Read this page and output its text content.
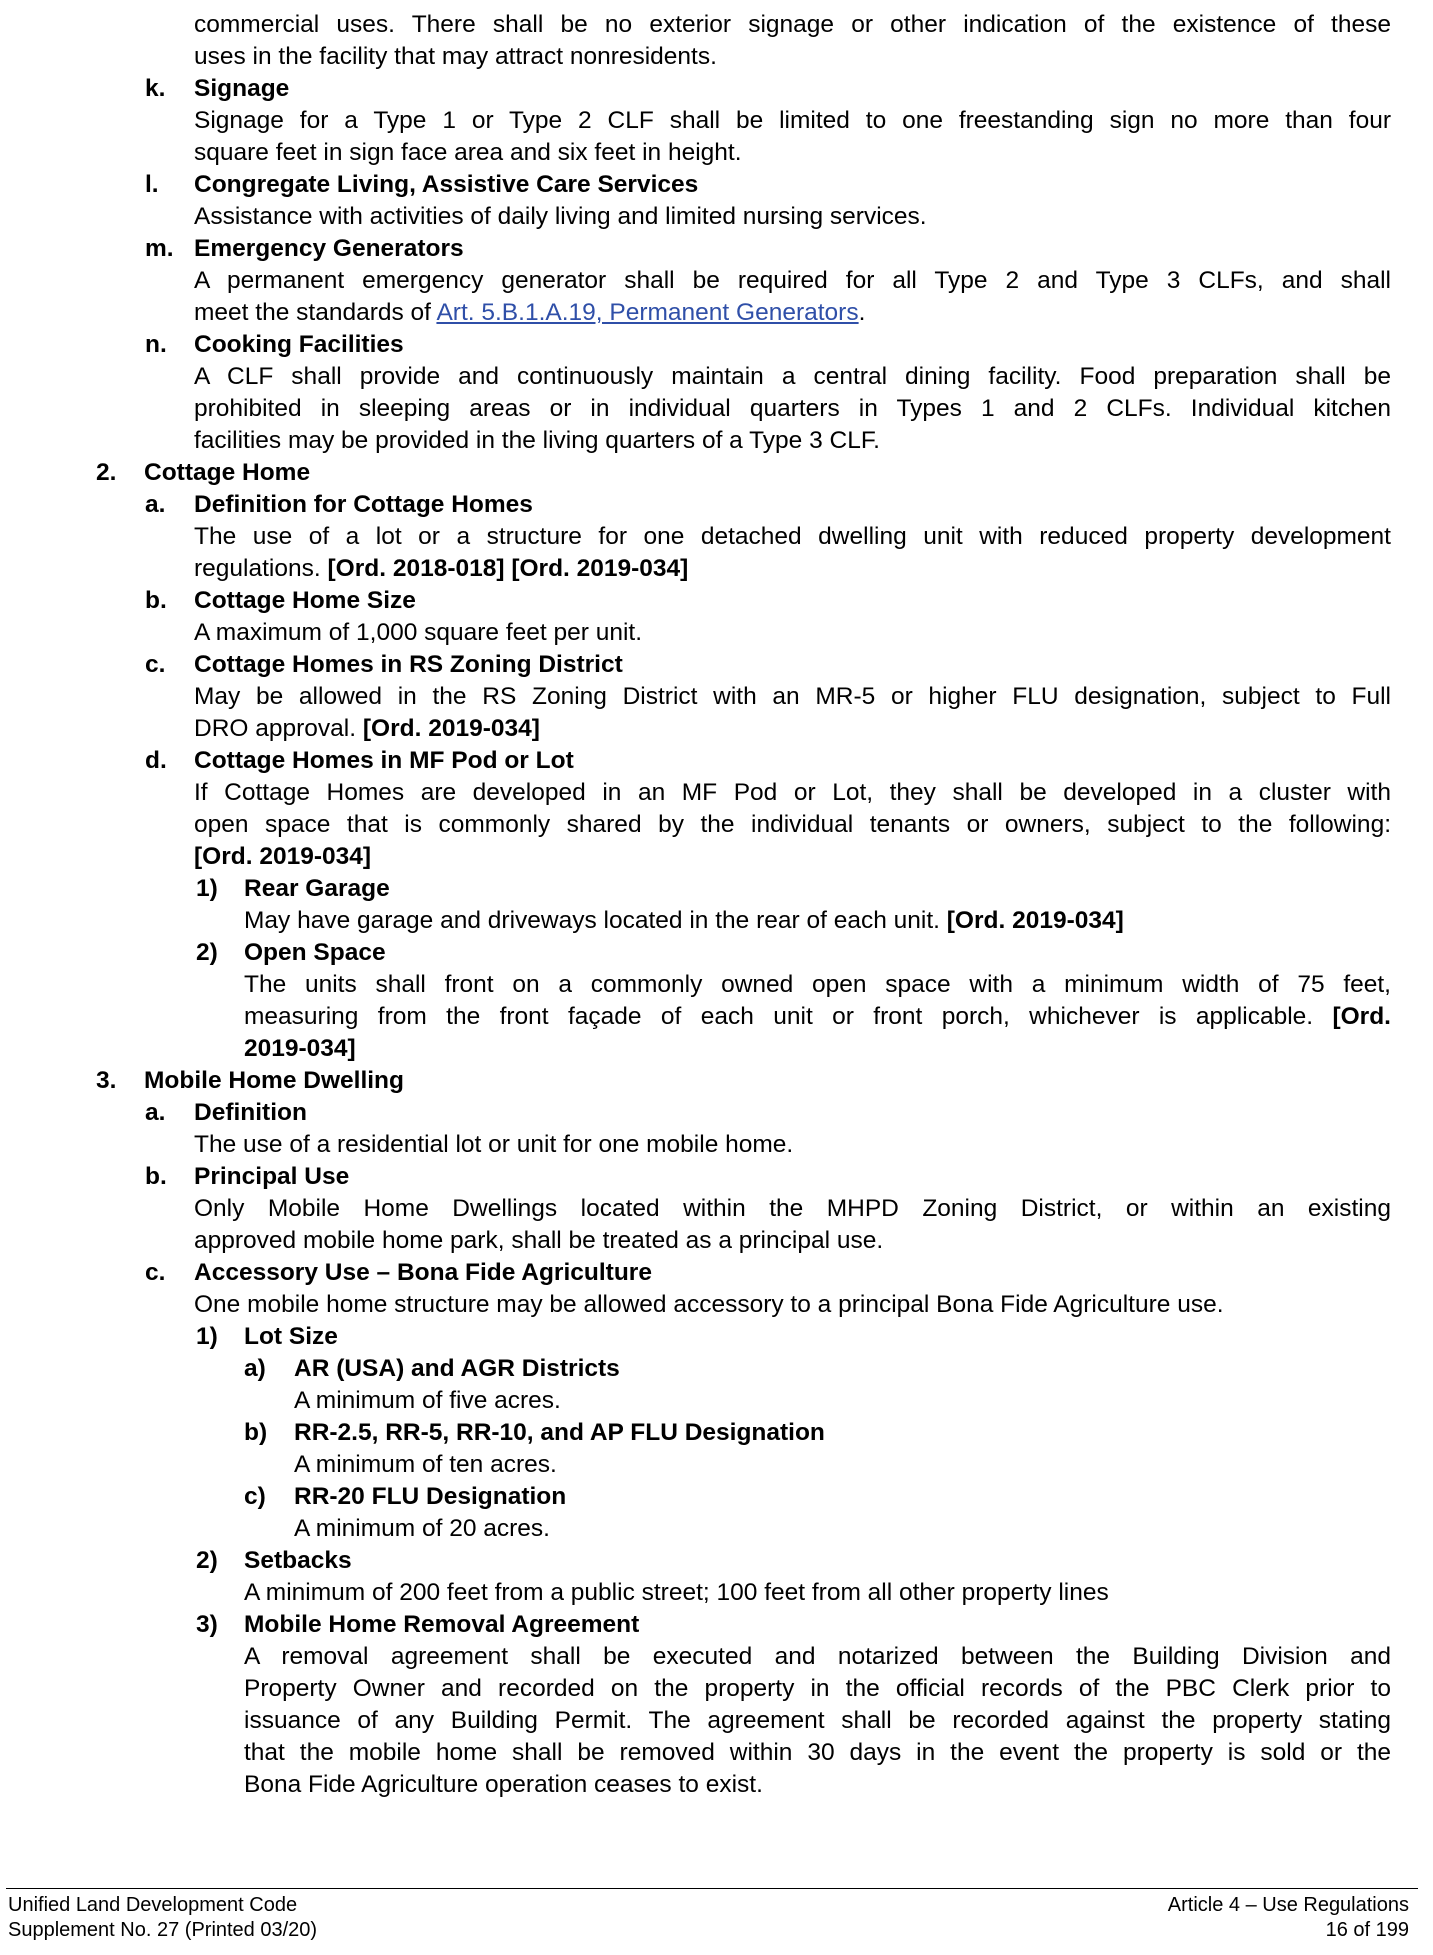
commercial uses. There shall be no exterior signage or other indication of the existence of these
uses in the facility that may attract nonresidents.
k. Signage
Signage for a Type 1 or Type 2 CLF shall be limited to one freestanding sign no more than four
square feet in sign face area and six feet in height.
l. Congregate Living, Assistive Care Services
Assistance with activities of daily living and limited nursing services.
m. Emergency Generators
A permanent emergency generator shall be required for all Type 2 and Type 3 CLFs, and shall
meet the standards of Art. 5.B.1.A.19, Permanent Generators.
n. Cooking Facilities
A CLF shall provide and continuously maintain a central dining facility. Food preparation shall be
prohibited in sleeping areas or in individual quarters in Types 1 and 2 CLFs. Individual kitchen
facilities may be provided in the living quarters of a Type 3 CLF.
2. Cottage Home
a. Definition for Cottage Homes
The use of a lot or a structure for one detached dwelling unit with reduced property development
regulations. [Ord. 2018-018] [Ord. 2019-034]
b. Cottage Home Size
A maximum of 1,000 square feet per unit.
c. Cottage Homes in RS Zoning District
May be allowed in the RS Zoning District with an MR-5 or higher FLU designation, subject to Full
DRO approval. [Ord. 2019-034]
d. Cottage Homes in MF Pod or Lot
If Cottage Homes are developed in an MF Pod or Lot, they shall be developed in a cluster with
open space that is commonly shared by the individual tenants or owners, subject to the following:
[Ord. 2019-034]
1) Rear Garage
May have garage and driveways located in the rear of each unit. [Ord. 2019-034]
2) Open Space
The units shall front on a commonly owned open space with a minimum width of 75 feet,
measuring from the front façade of each unit or front porch, whichever is applicable. [Ord.
2019-034]
3. Mobile Home Dwelling
a. Definition
The use of a residential lot or unit for one mobile home.
b. Principal Use
Only Mobile Home Dwellings located within the MHPD Zoning District, or within an existing
approved mobile home park, shall be treated as a principal use.
c. Accessory Use – Bona Fide Agriculture
One mobile home structure may be allowed accessory to a principal Bona Fide Agriculture use.
1) Lot Size
a) AR (USA) and AGR Districts
A minimum of five acres.
b) RR-2.5, RR-5, RR-10, and AP FLU Designation
A minimum of ten acres.
c) RR-20 FLU Designation
A minimum of 20 acres.
2) Setbacks
A minimum of 200 feet from a public street; 100 feet from all other property lines
3) Mobile Home Removal Agreement
A removal agreement shall be executed and notarized between the Building Division and
Property Owner and recorded on the property in the official records of the PBC Clerk prior to
issuance of any Building Permit. The agreement shall be recorded against the property stating
that the mobile home shall be removed within 30 days in the event the property is sold or the
Bona Fide Agriculture operation ceases to exist.
Unified Land Development Code
Supplement No. 27 (Printed 03/20)
Article 4 – Use Regulations
16 of 199
